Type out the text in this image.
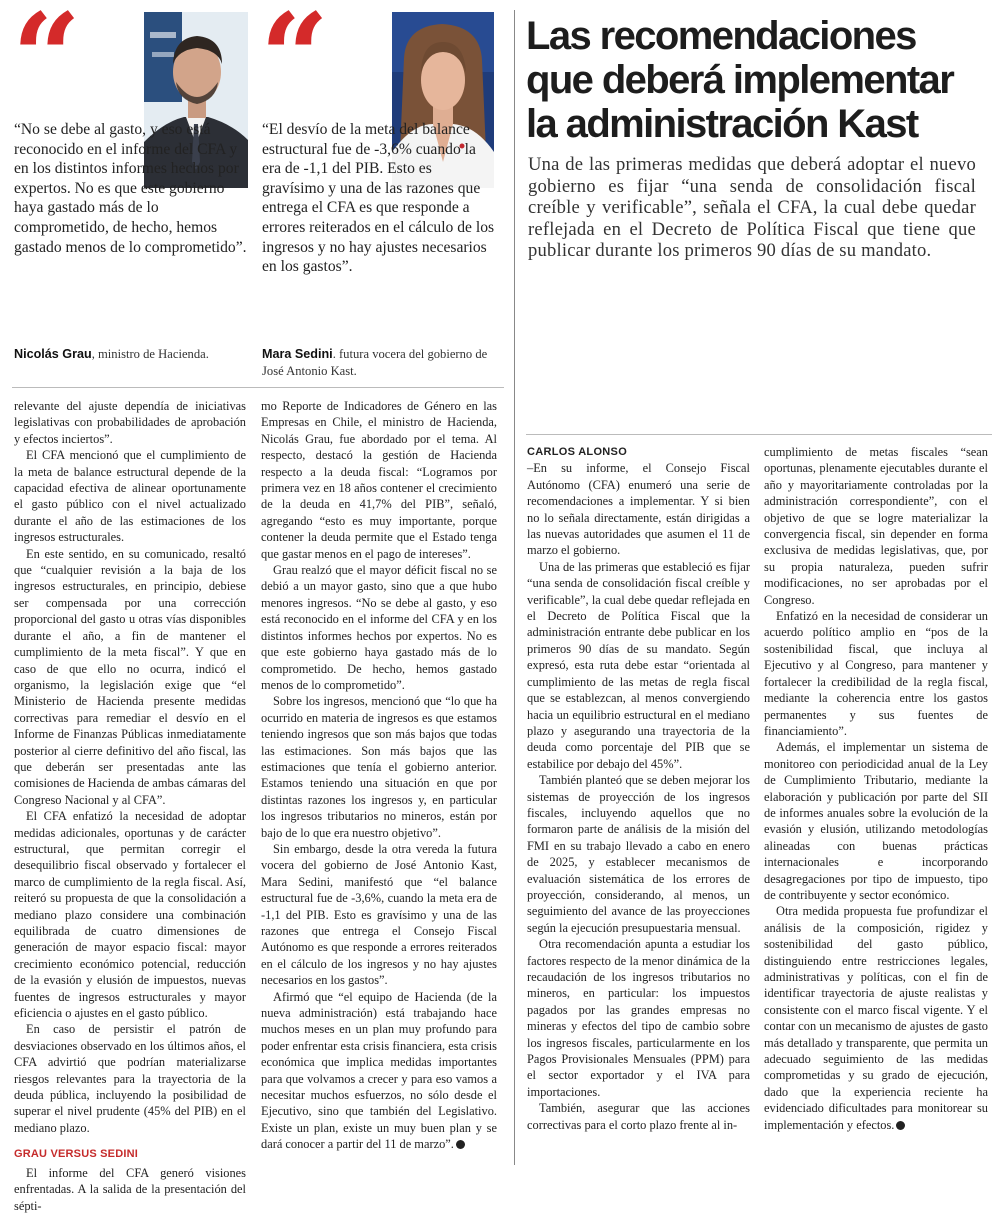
“
“No se debe al gasto, y eso está reconocido en el informe del CFA y en los distintos informes hechos por expertos. No es que este gobierno haya gastado más de lo comprometido, de hecho, hemos gastado menos de lo comprometido”.
Nicolás Grau, ministro de Hacienda.
“
“El desvío de la meta del balance estructural fue de -3,6% cuando la era de -1,1 del PIB. Esto es gravísimo y una de las razones que entrega el CFA es que responde a errores reiterados en el cálculo de los ingresos y no hay ajustes necesarios en los gastos”.
Mara Sedini. futura vocera del gobierno de José Antonio Kast.
Las recomendaciones que deberá implementar la administración Kast
Una de las primeras medidas que deberá adoptar el nuevo gobierno es fijar “una senda de consolidación fiscal creíble y verificable”, señala el CFA, la cual debe quedar reflejada en el Decreto de Política Fiscal que tiene que publicar durante los primeros 90 días de su mandato.

relevante del ajuste dependía de iniciativas legislativas con probabilidades de aprobación y efectos inciertos”.

El CFA mencionó que el cumplimiento de la meta de balance estructural depende de la capacidad efectiva de alinear oportunamente el gasto público con el nivel actualizado durante el año de las estimaciones de los ingresos estructurales.

En este sentido, en su comunicado, resaltó que “cualquier revisión a la baja de los ingresos estructurales, en principio, debiese ser compensada por una corrección proporcional del gasto u otras vías disponibles durante el año, a fin de mantener el cumplimiento de la meta fiscal”. Y que en caso de que ello no ocurra, indicó el organismo, la legislación exige que “el Ministerio de Hacienda presente medidas correctivas para remediar el desvío en el Informe de Finanzas Públicas inmediatamente posterior al cierre definitivo del año fiscal, las que deberán ser presentadas ante las comisiones de Hacienda de ambas cámaras del Congreso Nacional y al CFA”.

El CFA enfatizó la necesidad de adoptar medidas adicionales, oportunas y de carácter estructural, que permitan corregir el desequilibrio fiscal observado y fortalecer el marco de cumplimiento de la regla fiscal. Así, reiteró su propuesta de que la consolidación a mediano plazo considere una combinación equilibrada de cuatro dimensiones de generación de mayor espacio fiscal: mayor crecimiento económico potencial, reducción de la evasión y elusión de impuestos, nuevas fuentes de ingresos estructurales y mayor eficiencia o ajustes en el gasto público.

En caso de persistir el patrón de desviaciones observado en los últimos años, el CFA advirtió que podrían materializarse riesgos relevantes para la trayectoria de la deuda pública, incluyendo la posibilidad de superar el nivel prudente (45% del PIB) en el mediano plazo.

GRAU VERSUS SEDINI

El informe del CFA generó visiones enfrentadas. A la salida de la presentación del sépti-

mo Reporte de Indicadores de Género en las Empresas en Chile, el ministro de Hacienda, Nicolás Grau, fue abordado por el tema. Al respecto, destacó la gestión de Hacienda respecto a la deuda fiscal: “Logramos por primera vez en 18 años contener el crecimiento de la deuda en 41,7% del PIB”, señaló, agregando “esto es muy importante, porque contener la deuda permite que el Estado tenga que gastar menos en el pago de intereses”.

Grau realzó que el mayor déficit fiscal no se debió a un mayor gasto, sino que a que hubo menores ingresos. “No se debe al gasto, y eso está reconocido en el informe del CFA y en los distintos informes hechos por expertos. No es que este gobierno haya gastado más de lo comprometido. De hecho, hemos gastado menos de lo comprometido”.

Sobre los ingresos, mencionó que “lo que ha ocurrido en materia de ingresos es que estamos teniendo ingresos que son más bajos que todas las estimaciones. Son más bajos que las estimaciones que tenía el gobierno anterior. Estamos teniendo una situación en que por distintas razones los ingresos y, en particular los ingresos tributarios no mineros, están por bajo de lo que era nuestro objetivo”.

Sin embargo, desde la otra vereda la futura vocera del gobierno de José Antonio Kast, Mara Sedini, manifestó que “el balance estructural fue de -3,6%, cuando la meta era de -1,1 del PIB. Esto es gravísimo y una de las razones que entrega el Consejo Fiscal Autónomo es que responde a errores reiterados en el cálculo de los ingresos y no hay ajustes necesarios en los gastos”.

Afirmó que “el equipo de Hacienda (de la nueva administración) está trabajando hace muchos meses en un plan muy profundo para poder enfrentar esta crisis financiera, esta crisis económica que implica medidas importantes para que volvamos a crecer y para eso vamos a necesitar muchos esfuerzos, no sólo desde el Ejecutivo, sino que también del Legislativo. Existe un plan, existe un muy buen plan y se dará conocer a partir del 11 de marzo”.

CARLOS ALONSO

–En su informe, el Consejo Fiscal Autónomo (CFA) enumeró una serie de recomendaciones a implementar. Y si bien no lo señala directamente, están dirigidas a las nuevas autoridades que asumen el 11 de marzo el gobierno.

Una de las primeras que estableció es fijar “una senda de consolidación fiscal creíble y verificable”, la cual debe quedar reflejada en el Decreto de Política Fiscal que la administración entrante debe publicar en los primeros 90 días de su mandato. Según expresó, esta ruta debe estar “orientada al cumplimiento de las metas de regla fiscal que se establezcan, al menos convergiendo hacia un equilibrio estructural en el mediano plazo y asegurando una trayectoria de la deuda como porcentaje del PIB que se estabilice por debajo del 45%”.

También planteó que se deben mejorar los sistemas de proyección de los ingresos fiscales, incluyendo aquellos que no formaron parte de análisis de la misión del FMI en su trabajo llevado a cabo en enero de 2025, y establecer mecanismos de evaluación sistemática de los errores de proyección, considerando, al menos, un seguimiento del avance de las proyecciones según la ejecución presupuestaria mensual.

Otra recomendación apunta a estudiar los factores respecto de la menor dinámica de la recaudación de los ingresos tributarios no mineros, en particular: los impuestos pagados por las grandes empresas no mineras y efectos del tipo de cambio sobre los ingresos fiscales, particularmente en los Pagos Provisionales Mensuales (PPM) para el sector exportador y el IVA para importaciones.

También, asegurar que las acciones correctivas para el corto plazo frente al in-

cumplimiento de metas fiscales “sean oportunas, plenamente ejecutables durante el año y mayoritariamente controladas por la administración correspondiente”, con el objetivo de que se logre materializar la convergencia fiscal, sin depender en forma exclusiva de medidas legislativas, que, por su propia naturaleza, pueden sufrir modificaciones, no ser aprobadas por el Congreso.

Enfatizó en la necesidad de considerar un acuerdo político amplio en “pos de la sostenibilidad fiscal, que incluya al Ejecutivo y al Congreso, para mantener y fortalecer la credibilidad de la regla fiscal, mediante la coherencia entre los gastos permanentes y sus fuentes de financiamiento”.

Además, el implementar un sistema de monitoreo con periodicidad anual de la Ley de Cumplimiento Tributario, mediante la elaboración y publicación por parte del SII de informes anuales sobre la evolución de la evasión y elusión, utilizando metodologías alineadas con buenas prácticas internacionales e incorporando desagregaciones por tipo de impuesto, tipo de contribuyente y sector económico.

Otra medida propuesta fue profundizar el análisis de la composición, rigidez y sostenibilidad del gasto público, distinguiendo entre restricciones legales, administrativas y políticas, con el fin de identificar trayectoria de ajuste realistas y consistente con el marco fiscal vigente. Y el contar con un mecanismo de ajustes de gasto más detallado y transparente, que permita un adecuado seguimiento de las medidas comprometidas y su grado de ejecución, dado que la experiencia reciente ha evidenciado dificultades para monitorear su implementación y efectos.
